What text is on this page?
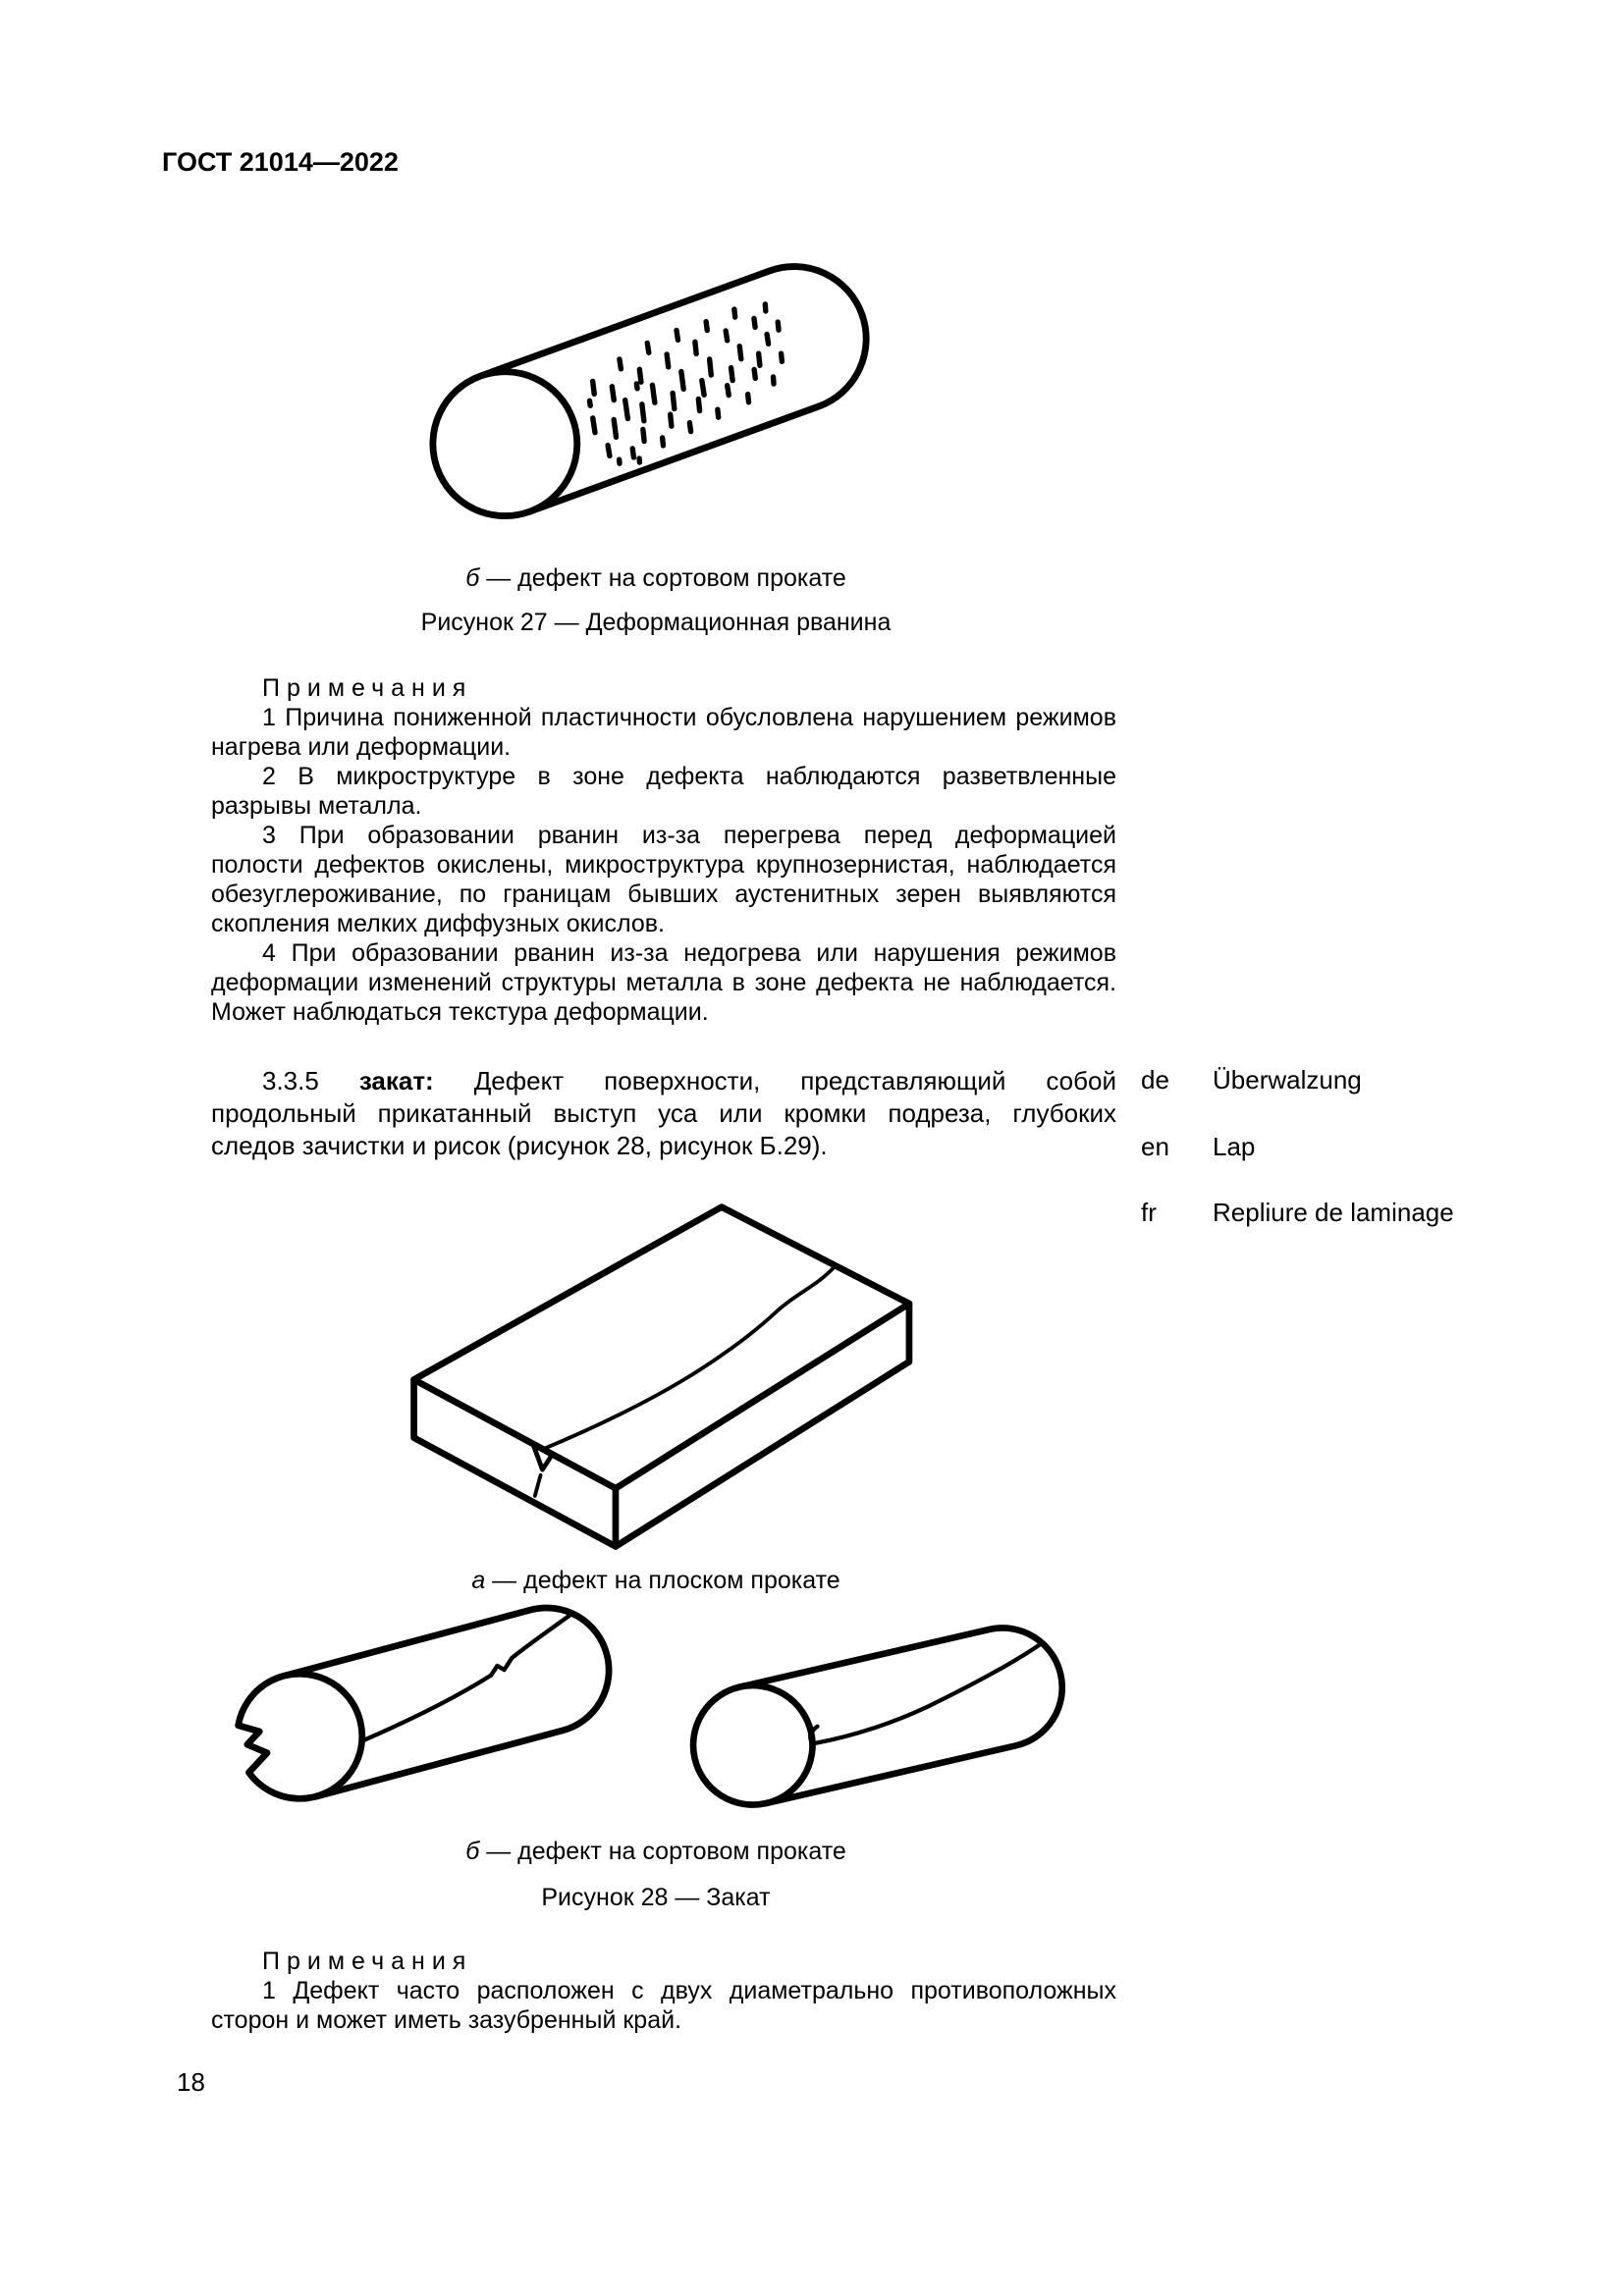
ГОСТ 21014—2022
б — дефект на сортовом прокате
Рисунок 27 — Деформационная рванина
Примечания
1 Причина пониженной пластичности обусловлена нарушением режимов
нагрева или деформации.
2 В микроструктуре в зоне дефекта наблюдаются разветвленные
разрывы металла.
3 При образовании рванин из-за перегрева перед деформацией
полости дефектов окислены, микроструктура крупнозернистая, наблюдается
обезуглероживание, по границам бывших аустенитных зерен выявляются
скопления мелких диффузных окислов.
4 При образовании рванин из-за недогрева или нарушения режимов
деформации изменений структуры металла в зоне дефекта не наблюдается.
Может наблюдаться текстура деформации.
3.3.5 закат: Дефект поверхности, представляющий собой
продольный прикатанный выступ уса или кромки подреза, глубоких
следов зачистки и рисок (рисунок 28, рисунок Б.29).
de Überwalzung
en Lap
fr Repliure de laminage
а — дефект на плоском прокате
б — дефект на сортовом прокате
Рисунок 28 — Закат
Примечания
1 Дефект часто расположен с двух диаметрально противоположных
сторон и может иметь зазубренный край.
18
